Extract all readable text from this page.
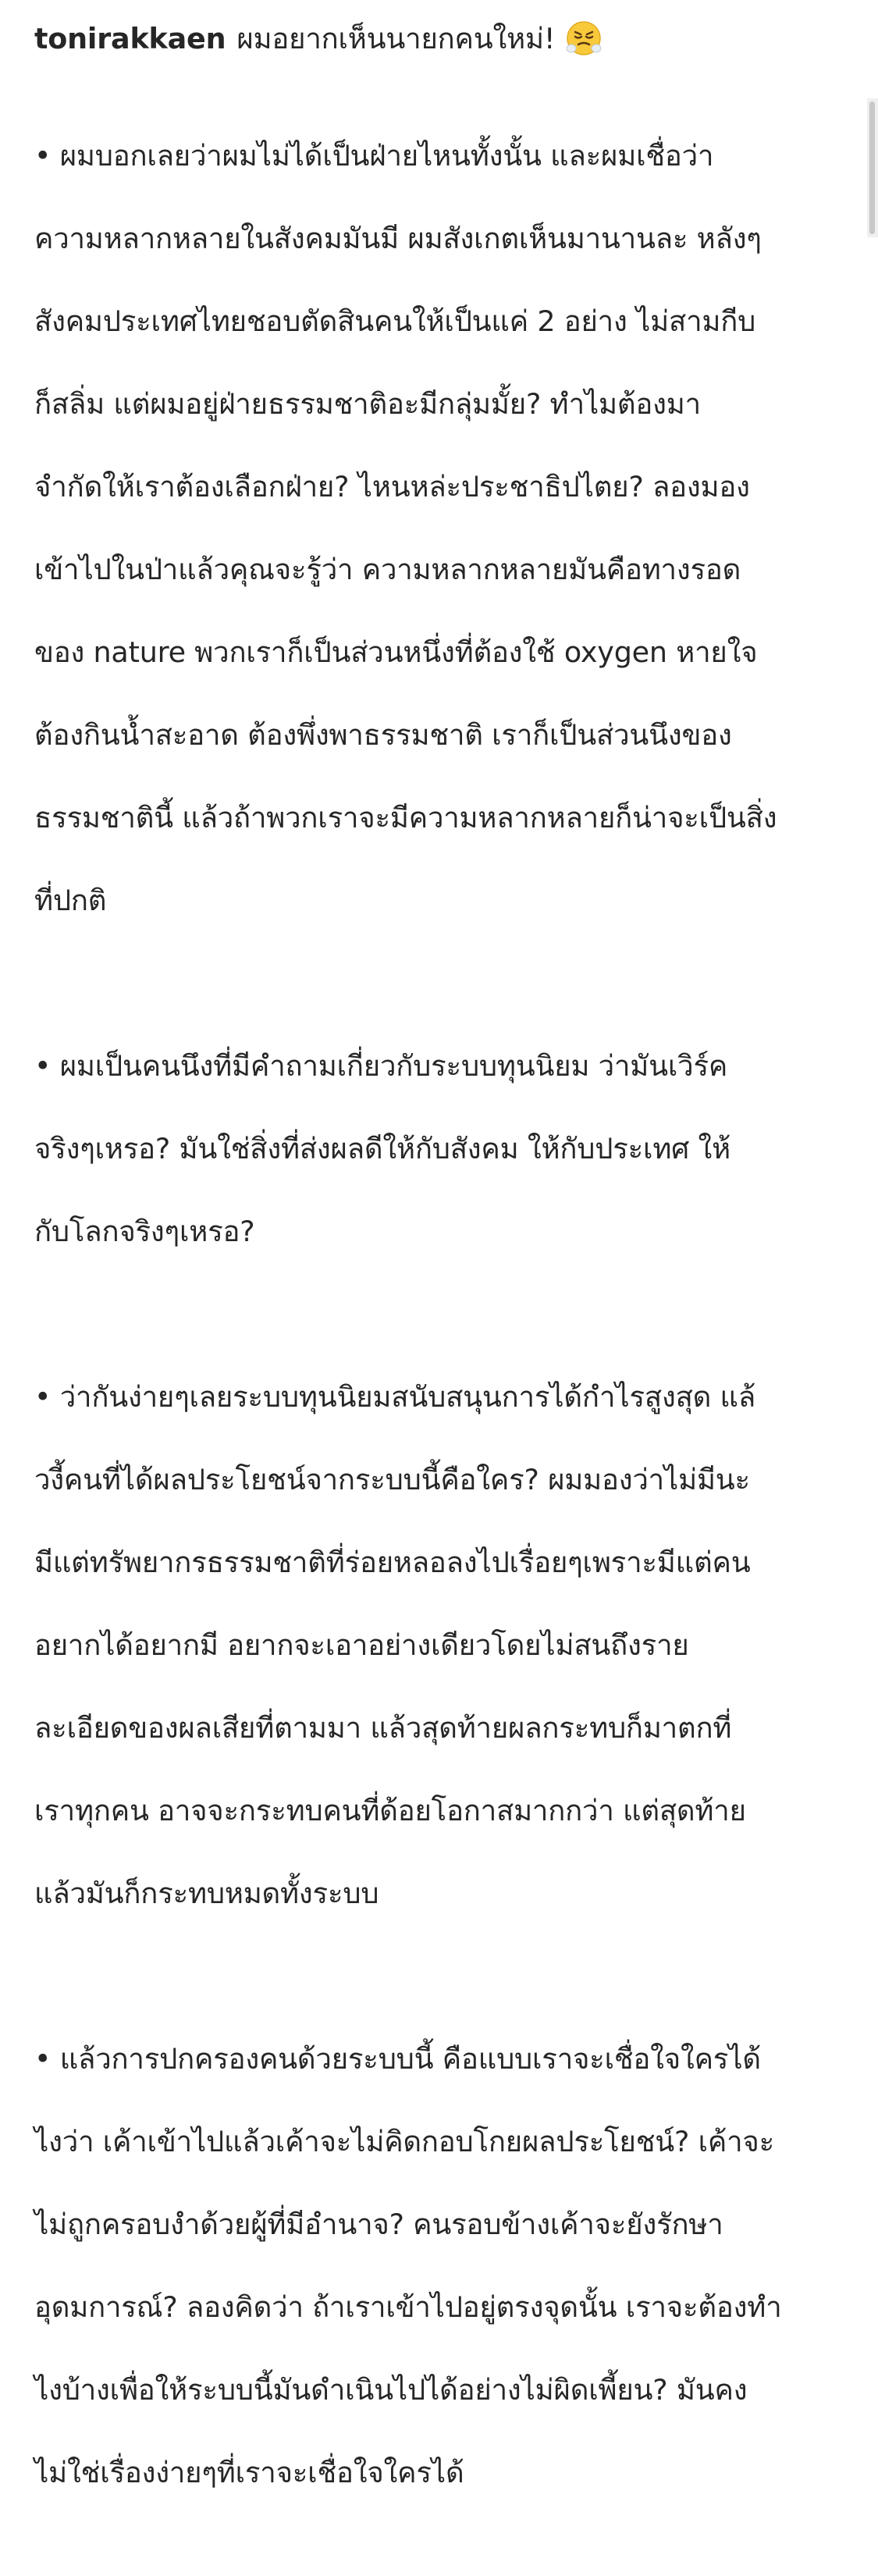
tonirakkaen ผมอยากเห็นนายกคนใหม่!

• ผมบอกเลยว่าผมไม่ได้เป็นฝ่ายไหนทั้งนั้น และผมเชื่อว่า

ความหลากหลายในสังคมมันมี ผมสังเกตเห็นมานานละ หลังๆ

สังคมประเทศไทยชอบตัดสินคนให้เป็นแค่ 2 อย่าง ไม่สามกีบ

ก็สลิ่ม แต่ผมอยู่ฝ่ายธรรมชาติอะมีกลุ่มมั้ย? ทำไมต้องมา

จำกัดให้เราต้องเลือกฝ่าย? ไหนหล่ะประชาธิปไตย? ลองมอง

เข้าไปในป่าแล้วคุณจะรู้ว่า ความหลากหลายมันคือทางรอด

ของ nature พวกเราก็เป็นส่วนหนึ่งที่ต้องใช้ oxygen หายใจ

ต้องกินน้ำสะอาด ต้องพึ่งพาธรรมชาติ เราก็เป็นส่วนนึงของ

ธรรมชาตินี้ แล้วถ้าพวกเราจะมีความหลากหลายก็น่าจะเป็นสิ่ง

ที่ปกติ

• ผมเป็นคนนึงที่มีคำถามเกี่ยวกับระบบทุนนิยม ว่ามันเวิร์ค

จริงๆเหรอ? มันใช่สิ่งที่ส่งผลดีให้กับสังคม ให้กับประเทศ ให้

กับโลกจริงๆเหรอ?

• ว่ากันง่ายๆเลยระบบทุนนิยมสนับสนุนการได้กำไรสูงสุด แล้

วงี้คนที่ได้ผลประโยชน์จากระบบนี้คือใคร? ผมมองว่าไม่มีนะ

มีแต่ทรัพยากรธรรมชาติที่ร่อยหลอลงไปเรื่อยๆเพราะมีแต่คน

อยากได้อยากมี อยากจะเอาอย่างเดียวโดยไม่สนถึงราย

ละเอียดของผลเสียที่ตามมา แล้วสุดท้ายผลกระทบก็มาตกที่

เราทุกคน อาจจะกระทบคนที่ด้อยโอกาสมากกว่า แต่สุดท้าย

แล้วมันก็กระทบหมดทั้งระบบ

• แล้วการปกครองคนด้วยระบบนี้ คือแบบเราจะเชื่อใจใครได้

ไงว่า เค้าเข้าไปแล้วเค้าจะไม่คิดกอบโกยผลประโยชน์? เค้าจะ

ไม่ถูกครอบงำด้วยผู้ที่มีอำนาจ? คนรอบข้างเค้าจะยังรักษา

อุดมการณ์? ลองคิดว่า ถ้าเราเข้าไปอยู่ตรงจุดนั้น เราจะต้องทำ

ไงบ้างเพื่อให้ระบบนี้มันดำเนินไปได้อย่างไม่ผิดเพี้ยน? มันคง

ไม่ใช่เรื่องง่ายๆที่เราจะเชื่อใจใครได้
